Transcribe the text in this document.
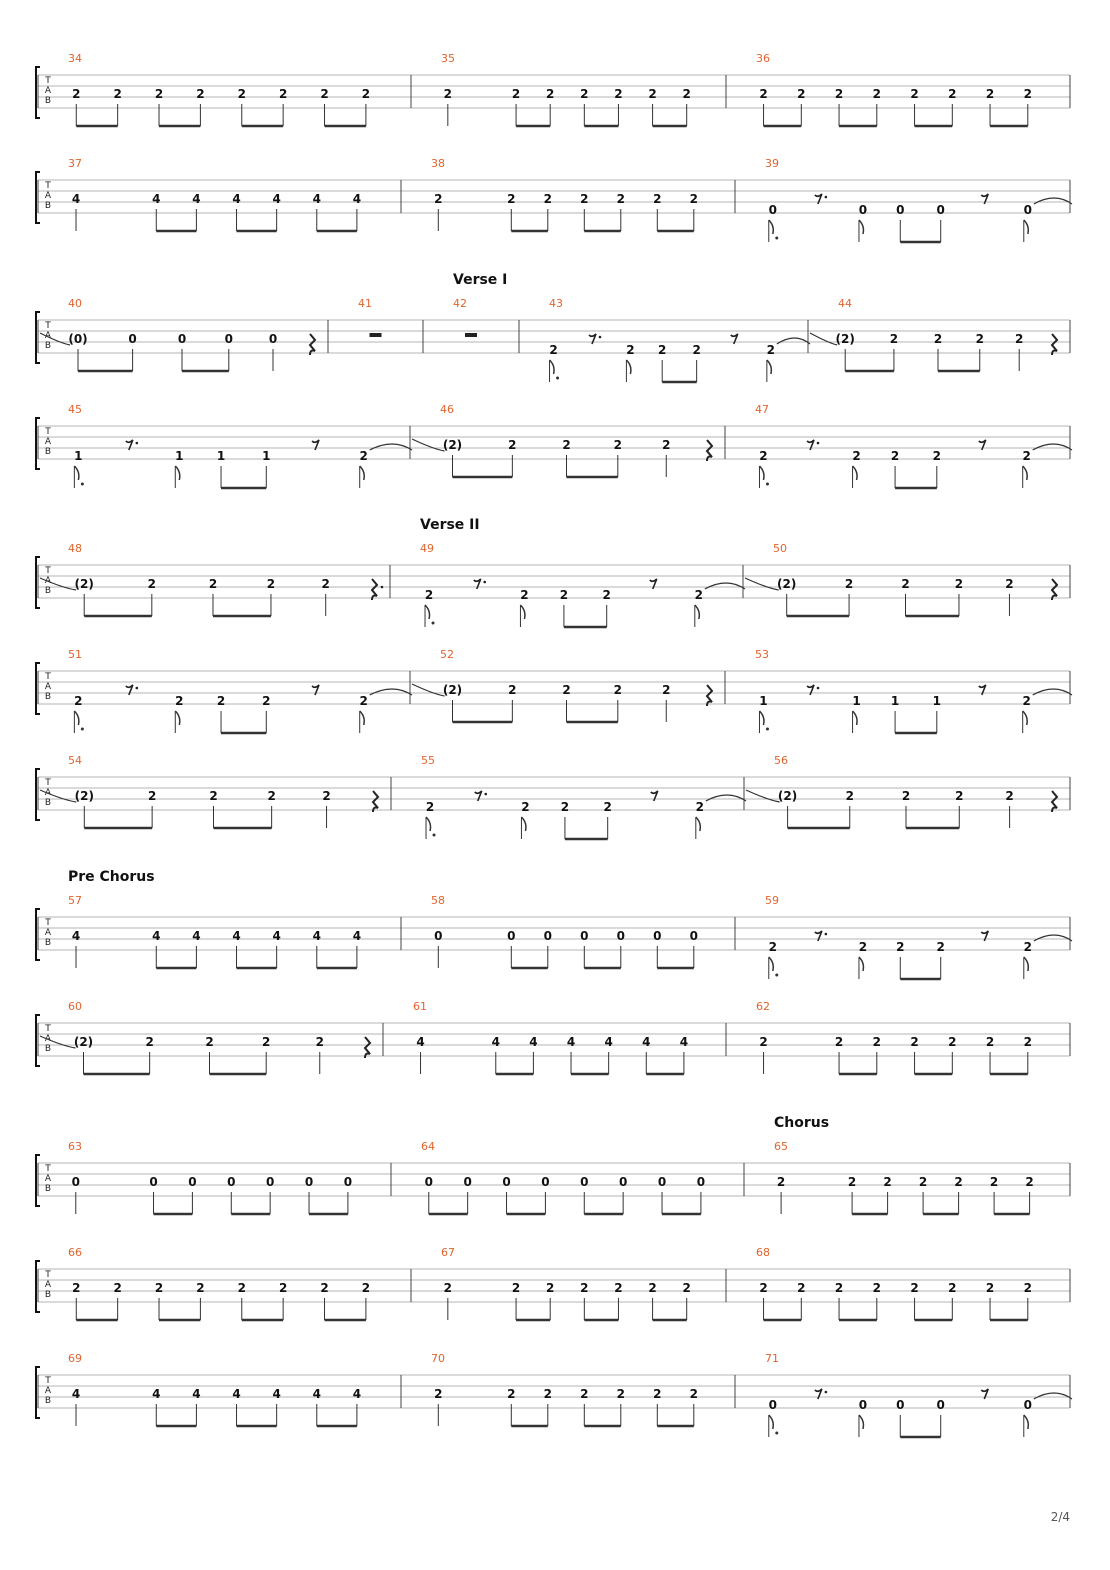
T
A
B
34
2	2	2	2	2	2	2	2
35
2	2 2 2 2 2 2
36
2 2 2 2 2 2 2 2
T
A
B
37
4	4	4	4	4	4	4
38
2	2 2 2 2 2 2
39
0	0 0	0	0
T
A
B
Verse I
40
(0)	0	0	0	0
41	42	43
2	2 2 2	2
44
(2)	2	2	2	2
T
A
B
45
1	1	1	1	2
46
(2)	2	2	2	2
47
2	2	2	2	2
T
A
B
Verse II
48
(2)	2	2	2	2
49
2	2	2	2	2
50
(2)	2	2	2	2
T
A
B
51
2	2	2	2	2
52
(2)	2	2	2	2
53
1	1	1	1	2
T
A
B
54
(2)	2	2	2	2
55
2	2	2	2	2
56
(2)	2	2	2	2
T
A
B
Pre Chorus
57
4	4	4	4	4	4	4
58
0	0 0 0 0 0 0
59
2	2 2	2	2
T
A
B
60
(2)	2	2	2	2
61
4	4 4 4 4 4 4
62
2	2 2 2 2 2 2
T
A
B
Chorus
63
0	0	0	0	0	0	0
64
0	0	0	0	0	0	0	0
65
2	2 2 2 2 2 2
T
A
B
66
2	2	2	2	2	2	2	2
67
2	2 2 2 2 2 2
68
2 2 2 2 2 2 2 2
T
A
B
69
4	4	4	4	4	4	4
70
2	2 2 2 2 2 2
71
0	0 0	0	0
2/4
